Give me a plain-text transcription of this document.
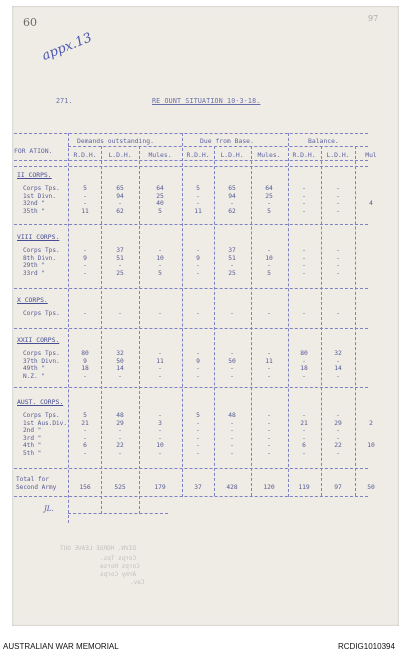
60	97
appx.13
271.	RE OUNT SITUATION 10-3-18.
FOR ATION.
Demands outstanding.	Due from Base.	Balance.
R.D.H.	L.D.H.	Mules.	R.D.H.	L.D.H.	Mules.	R.D.H.	L.D.H.	Mul
II CORPS.
Corps Tps.	5	65	64	5	65	64	-	-
1st Divn.	-	94	25	-	94	25	-	-
32nd "	-	-	40	-	-	-	-	-	4
35th "	11	62	5	11	62	5	-	-
VIII CORPS.
Corps Tps.	-	37	-	-	37	-	-	-
8th Divn.	9	51	10	9	51	10	-	-
29th "	-	-	-	-	-	-	-	-
33rd "	-	25	5	-	25	5	-	-
X CORPS.
Corps Tps.	-	-	-	-	-	-	-	-
XXII CORPS.
Corps Tps.	80	32	-	-	-	-	80	32
37th Divn.	9	50	11	9	50	11	-	-
49th "	18	14	-	-	-	-	18	14
N.Z. "	-	-	-	-	-	-	-	-
AUST. CORPS.
Corps Tps.	5	48	-	5	48	-	-	-
1st Aus.Div.	21	29	3	-	-	-	21	29	2
2nd "	-	-	-	-	-	-	-	-
3rd "	-	-	-	-	-	-	-	-
4th "	6	22	10	-	-	-	6	22	10
5th "	-	-	-	-	-	-	-	-
Total for
Second Army	156	525	179	37	428	120	119	97	50
JL.
DIVN. HORSE LEAVE OUT
Corps Tps.
Corps Horse
Army Corps
Cav.
AUSTRALIAN WAR MEMORIAL	RCDIG1010394
